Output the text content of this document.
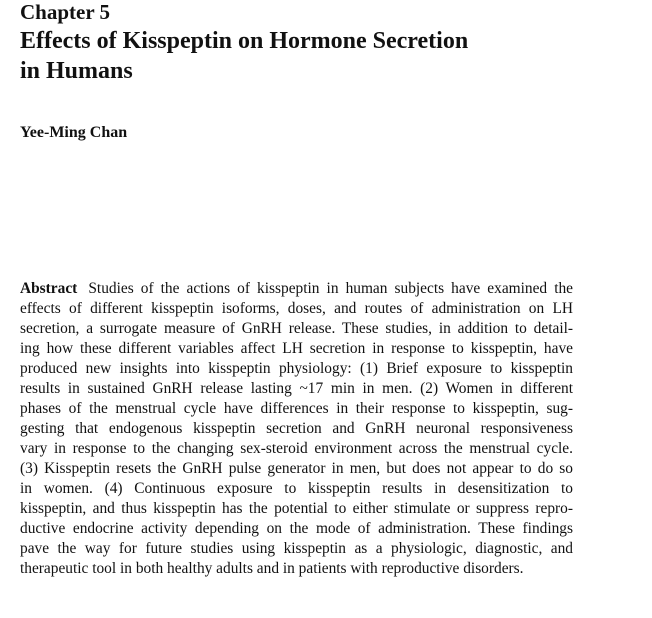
Chapter 5
Effects of Kisspeptin on Hormone Secretion
in Humans

Yee-Ming Chan

Abstract Studies of the actions of kisspeptin in human subjects have examined the
effects of different kisspeptin isoforms, doses, and routes of administration on LH
secretion, a surrogate measure of GnRH release. These studies, in addition to detail-
ing how these different variables affect LH secretion in response to kisspeptin, have
produced new insights into kisspeptin physiology: (1) Brief exposure to kisspeptin
results in sustained GnRH release lasting ~17 min in men. (2) Women in different
phases of the menstrual cycle have differences in their response to kisspeptin, sug-
gesting that endogenous kisspeptin secretion and GnRH neuronal responsiveness
vary in response to the changing sex-steroid environment across the menstrual cycle.
(3) Kisspeptin resets the GnRH pulse generator in men, but does not appear to do so
in women. (4) Continuous exposure to kisspeptin results in desensitization to
kisspeptin, and thus kisspeptin has the potential to either stimulate or suppress repro-
ductive endocrine activity depending on the mode of administration. These findings
pave the way for future studies using kisspeptin as a physiologic, diagnostic, and
therapeutic tool in both healthy adults and in patients with reproductive disorders.
